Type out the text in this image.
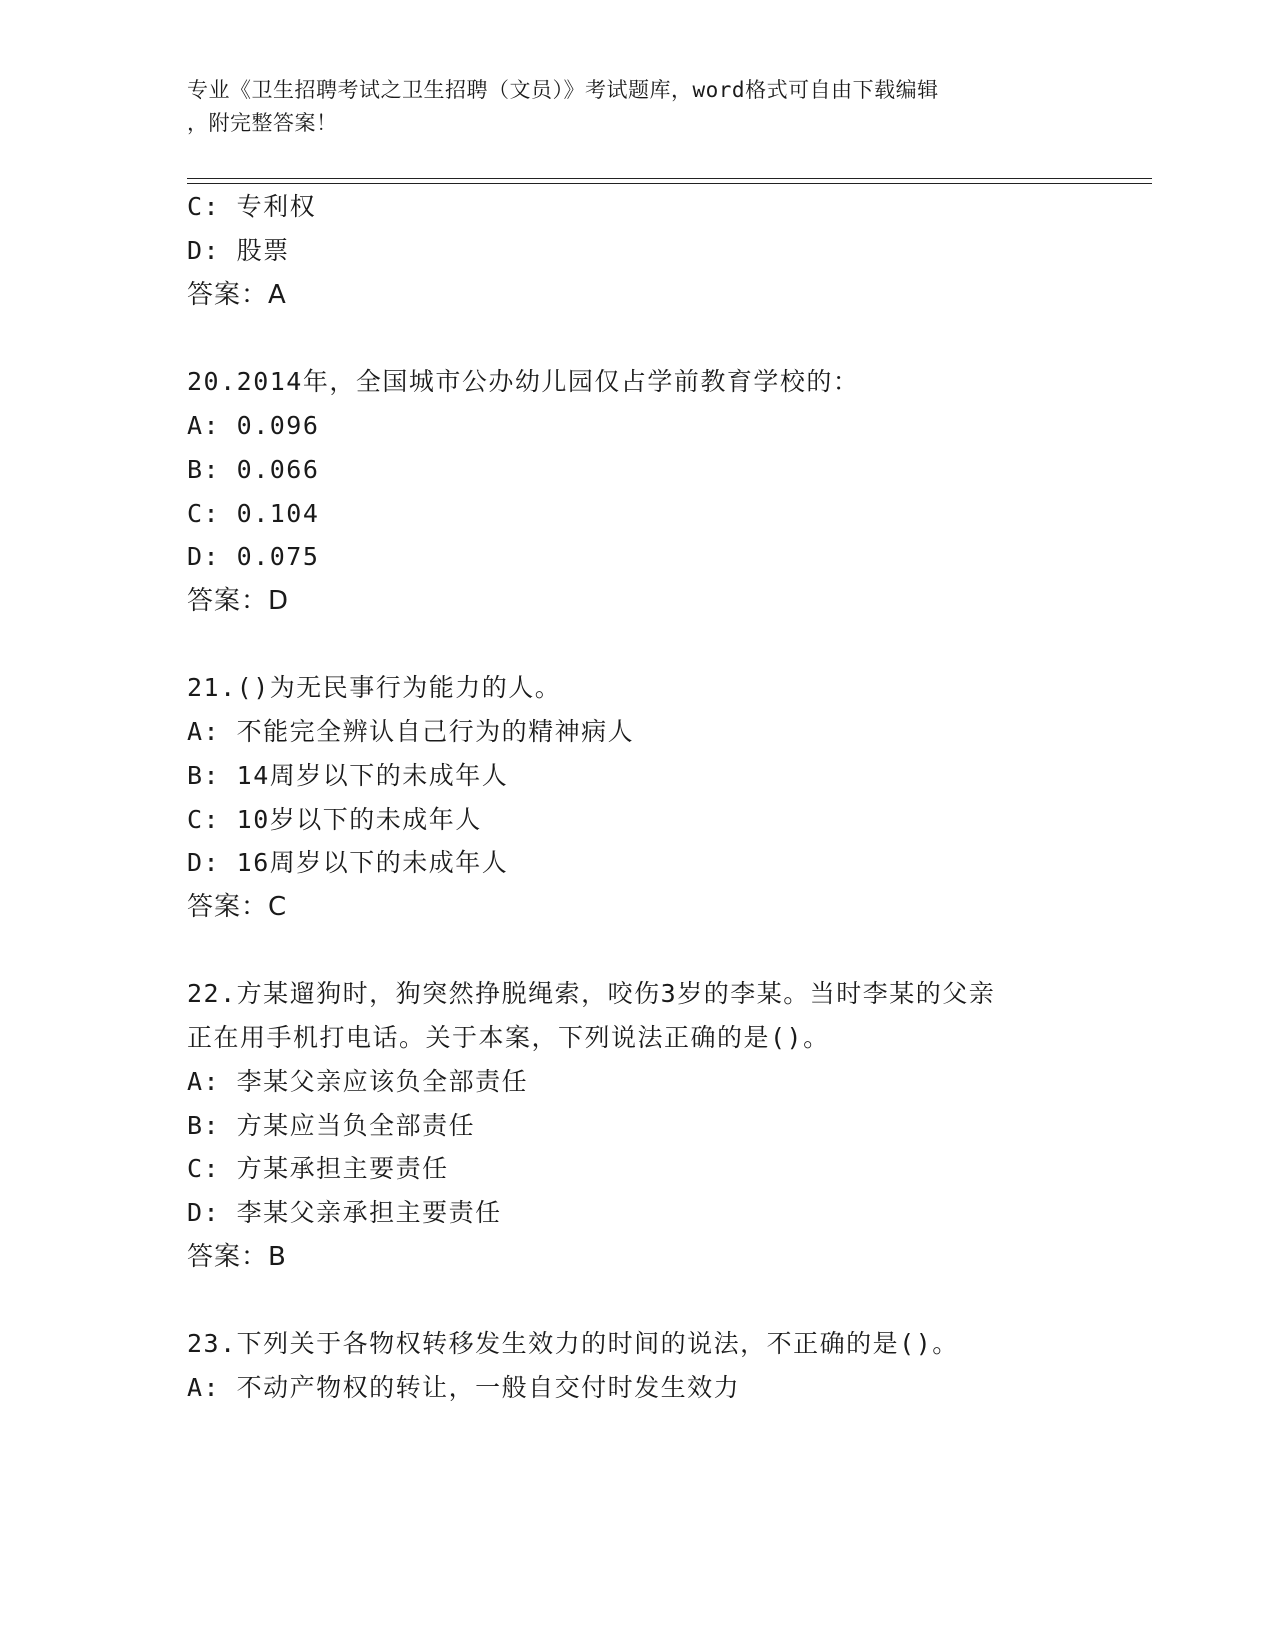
专业《卫生招聘考试之卫生招聘（文员）》考试题库，word格式可自由下载编辑
，附完整答案！
C: 专利权
D: 股票
答案：A
20.2014年，全国城市公办幼儿园仅占学前教育学校的：
A: 0.096
B: 0.066
C: 0.104
D: 0.075
答案：D
21.()为无民事行为能力的人。
A: 不能完全辨认自己行为的精神病人
B: 14周岁以下的未成年人
C: 10岁以下的未成年人
D: 16周岁以下的未成年人
答案：C
22.方某遛狗时，狗突然挣脱绳索，咬伤3岁的李某。当时李某的父亲
正在用手机打电话。关于本案，下列说法正确的是()。
A: 李某父亲应该负全部责任
B: 方某应当负全部责任
C: 方某承担主要责任
D: 李某父亲承担主要责任
答案：B
23.下列关于各物权转移发生效力的时间的说法，不正确的是()。
A: 不动产物权的转让，一般自交付时发生效力
